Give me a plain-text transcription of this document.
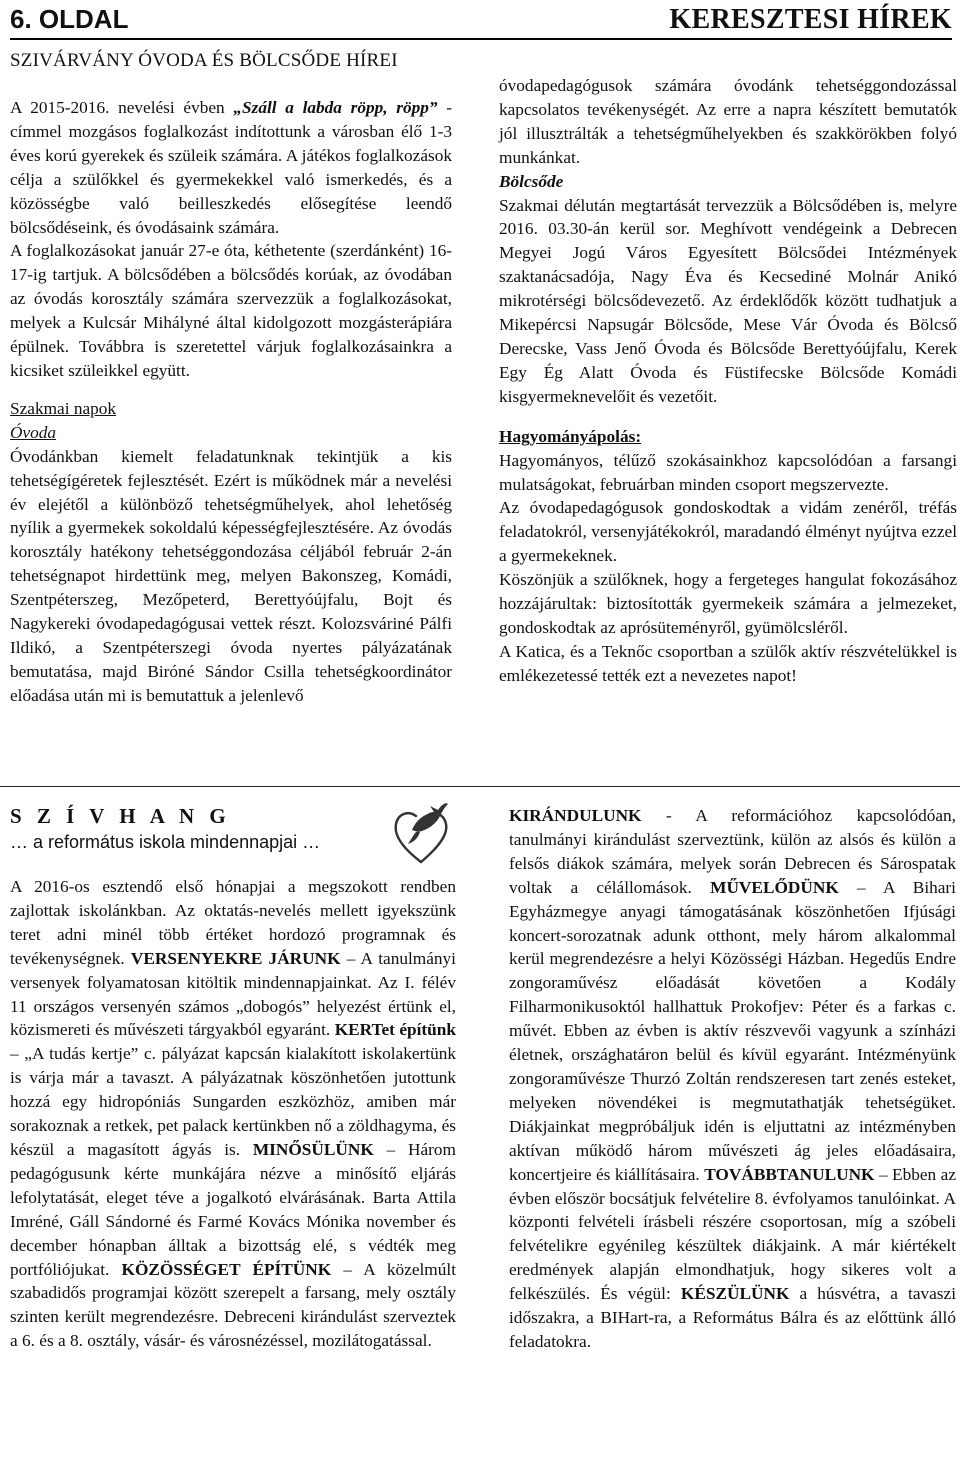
6. OLDAL	KERESZTESI HÍREK
SZIVÁRVÁNY ÓVODA ÉS BÖLCSŐDE HÍREI

A 2015-2016. nevelési évben „Száll a labda röpp, röpp” - címmel mozgásos foglalkozást indítottunk a városban élő 1-3 éves korú gyerekek és szüleik számára. A játékos foglalkozások célja a szülőkkel és gyermekekkel való ismerkedés, és a közösségbe való beilleszkedés elősegítése leendő bölcsődéseink, és óvodásaink számára.

A foglalkozásokat január 27-e óta, kéthetente (szerdánként) 16-17-ig tartjuk. A bölcsődében a bölcsődés korúak, az óvodában az óvodás korosztály számára szervezzük a foglalkozásokat, melyek a Kulcsár Mihályné által kidolgozott mozgásterápiára épülnek. Továbbra is szeretettel várjuk foglalkozásainkra a kicsiket szüleikkel együtt.

Szakmai napok

Óvoda

Óvodánkban kiemelt feladatunknak tekintjük a kis tehetségígéretek fejlesztését. Ezért is működnek már a nevelési év elejétől a különböző tehetségműhelyek, ahol lehetőség nyílik a gyermekek sokoldalú képességfejlesztésére. Az óvodás korosztály hatékony tehetséggondozása céljából február 2-án tehetségnapot hirdettünk meg, melyen Bakonszeg, Komádi, Szentpéterszeg, Mezőpeterd, Berettyóújfalu, Bojt és Nagykereki óvodapedagógusai vettek részt. Kolozsváriné Pálfi Ildikó, a Szentpéterszegi óvoda nyertes pályázatának bemutatása, majd Biróné Sándor Csilla tehetségkoordinátor előadása után mi is bemutattuk a jelenlevő

óvodapedagógusok számára óvodánk tehetséggondozással kapcsolatos tevékenységét. Az erre a napra készített bemutatók jól illusztrálták a tehetségműhelyekben és szakkörökben folyó munkánkat.

Bölcsőde

Szakmai délután megtartását tervezzük a Bölcsődében is, melyre 2016. 03.30-án kerül sor. Meghívott vendégeink a Debrecen Megyei Jogú Város Egyesített Bölcsődei Intézmények szaktanácsadója, Nagy Éva és Kecsediné Molnár Anikó mikrotérségi bölcsődevezető. Az érdeklődők között tudhatjuk a Mikepércsi Napsugár Bölcsőde, Mese Vár Óvoda és Bölcső Derecske, Vass Jenő Óvoda és Bölcsőde Berettyóújfalu, Kerek Egy Ég Alatt Óvoda és Füstifecske Bölcsőde Komádi kisgyermeknevelőit és vezetőit.

Hagyományápolás:

Hagyományos, télűző szokásainkhoz kapcsolódóan a farsangi mulatságokat, februárban minden csoport megszervezte.

Az óvodapedagógusok gondoskodtak a vidám zenéről, tréfás feladatokról, versenyjátékokról, maradandó élményt nyújtva ezzel a gyermekeknek.

Köszönjük a szülőknek, hogy a fergeteges hangulat fokozásához hozzájárultak: biztosították gyermekeik számára a jelmezeket, gondoskodtak az aprósüteményről, gyümölcsléről.

A Katica, és a Teknőc csoportban a szülők aktív részvételükkel is emlékezetessé tették ezt a nevezetes napot!

S Z Í V H A N G
… a református iskola mindennapjai …

A 2016-os esztendő első hónapjai a megszokott rendben zajlottak iskolánkban. Az oktatás-nevelés mellett igyekszünk teret adni minél több értéket hordozó programnak és tevékenységnek. VERSENYEKRE JÁRUNK – A tanulmányi versenyek folyamatosan kitöltik mindennapjainkat. Az I. félév 11 országos versenyén számos „dobogós” helyezést értünk el, közismereti és művészeti tárgyakból egyaránt. KERTet építünk – „A tudás kertje” c. pályázat kapcsán kialakított iskolakertünk is várja már a tavaszt. A pályázatnak köszönhetően jutottunk hozzá egy hidropóniás Sungarden eszközhöz, amiben már sorakoznak a retkek, pet palack kertünkben nő a zöldhagyma, és készül a magasított ágyás is. MINŐSÜLÜNK – Három pedagógusunk kérte munkájára nézve a minősítő eljárás lefolytatását, eleget téve a jogalkotó elvárásának. Barta Attila Imréné, Gáll Sándorné és Farmé Kovács Mónika november és december hónapban álltak a bizottság elé, s védték meg portfóliójukat. KÖZÖSSÉGET ÉPÍTÜNK – A közelmúlt szabadidős programjai között szerepelt a farsang, mely osztály szinten került megrendezésre. Debreceni kirándulást szerveztek a 6. és a 8. osztály, vásár- és városnézéssel, mozilátogatással.

KIRÁNDULUNK - A reformációhoz kapcsolódóan, tanulmányi kirándulást szerveztünk, külön az alsós és külön a felsős diákok számára, melyek során Debrecen és Sárospatak voltak a célállomások. MŰVELŐDÜNK – A Bihari Egyházmegye anyagi támogatásának köszönhetően Ifjúsági koncert-sorozatnak adunk otthont, mely három alkalommal kerül megrendezésre a helyi Közösségi Házban. Hegedűs Endre zongoraművész előadását követően a Kodály Filharmonikusoktól hallhattuk Prokofjev: Péter és a farkas c. művét. Ebben az évben is aktív részvevői vagyunk a színházi életnek, országhatáron belül és kívül egyaránt. Intézményünk zongoraművésze Thurzó Zoltán rendszeresen tart zenés esteket, melyeken növendékei is megmutathatják tehetségüket. Diákjainkat megpróbáljuk idén is eljuttatni az intézményben aktívan működő három művészeti ág jeles előadásaira, koncertjeire és kiállításaira. TOVÁBBTANULUNK – Ebben az évben először bocsátjuk felvételire 8. évfolyamos tanulóinkat. A központi felvételi írásbeli részére csoportosan, míg a szóbeli felvételikre egyénileg készültek diákjaink. A már kiértékelt eredmények alapján elmondhatjuk, hogy sikeres volt a felkészülés. És végül: KÉSZÜLÜNK a húsvétra, a tavaszi időszakra, a BIHart-ra, a Református Bálra és az előttünk álló feladatokra.
